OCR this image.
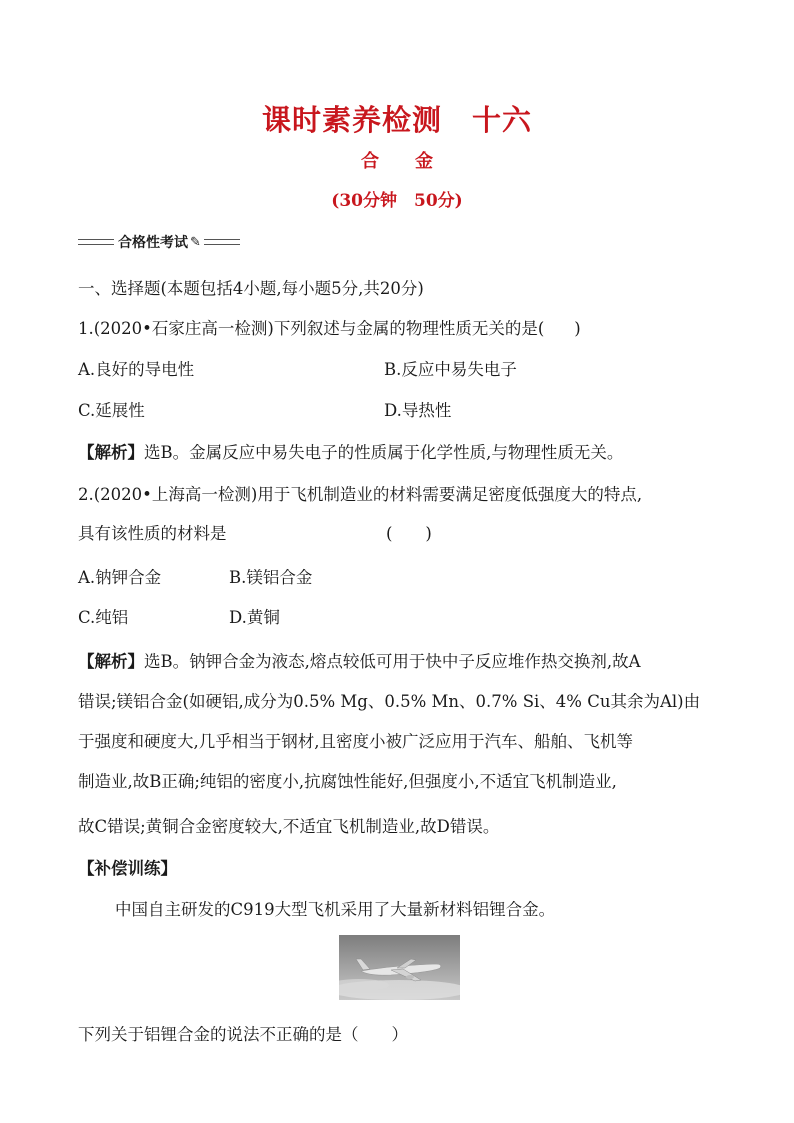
课时素养检测　十六
合　　金
(30分钟　50分)
合格性考试 ✎
一、选择题(本题包括4小题,每小题5分,共20分)
1.(2020•石家庄高一检测)下列叙述与金属的物理性质无关的是( )
A.良好的导电性	B.反应中易失电子
C.延展性	D.导热性
【解析】选B。金属反应中易失电子的性质属于化学性质,与物理性质无关。
2.(2020•上海高一检测)用于飞机制造业的材料需要满足密度低强度大的特点,
具有该性质的材料是	(　　)
A.钠钾合金	B.镁铝合金
C.纯铝	D.黄铜
【解析】选B。钠钾合金为液态,熔点较低可用于快中子反应堆作热交换剂,故A
错误;镁铝合金(如硬铝,成分为0.5% Mg、0.5% Mn、0.7% Si、4% Cu其余为Al)由
于强度和硬度大,几乎相当于钢材,且密度小被广泛应用于汽车、船舶、飞机等
制造业,故B正确;纯铝的密度小,抗腐蚀性能好,但强度小,不适宜飞机制造业,
故C错误;黄铜合金密度较大,不适宜飞机制造业,故D错误。
【补偿训练】
中国自主研发的C919大型飞机采用了大量新材料铝锂合金。
下列关于铝锂合金的说法不正确的是（　　）
